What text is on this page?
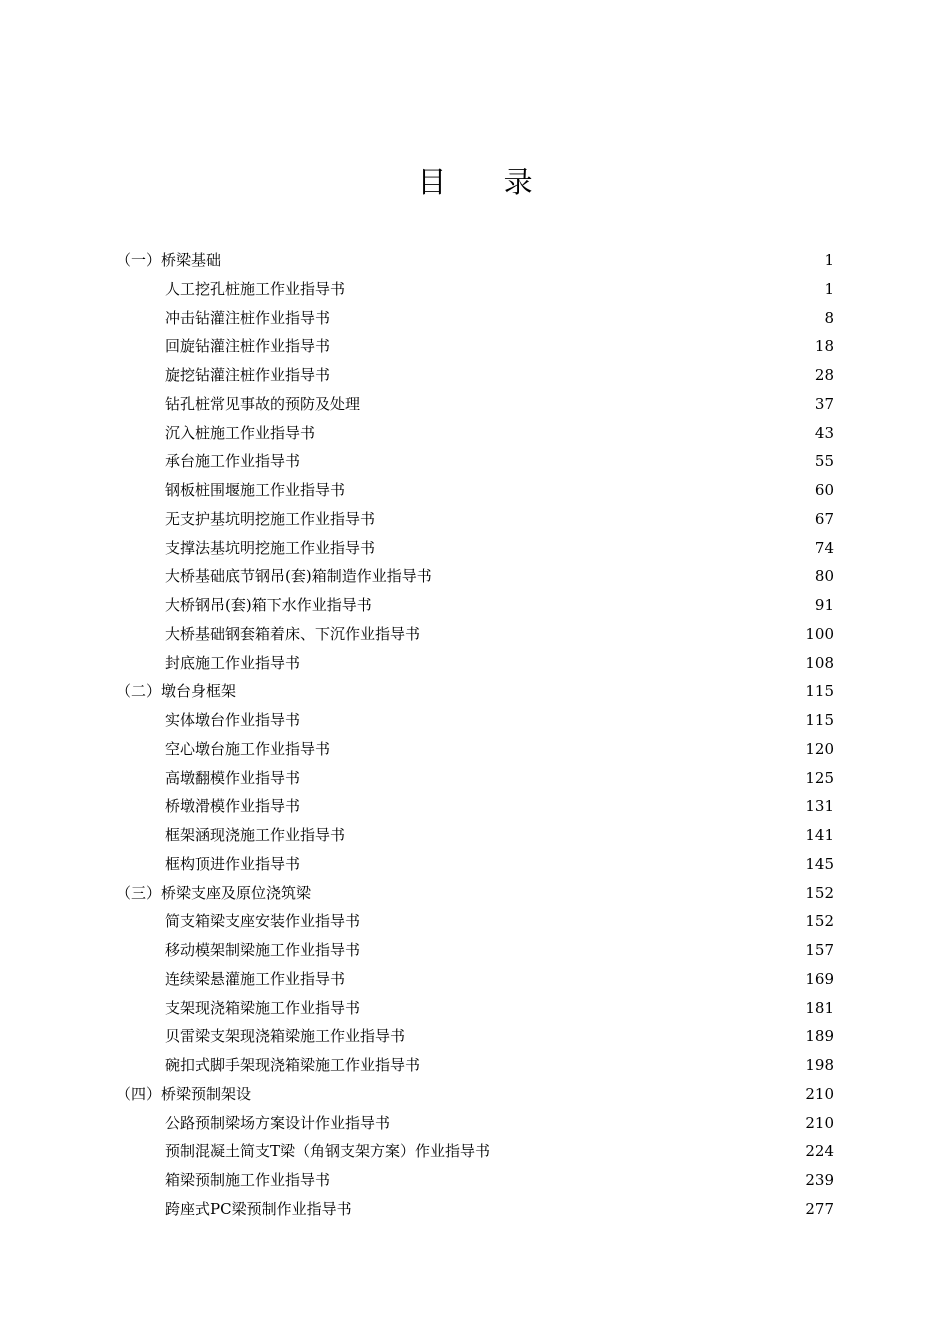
目 录
（一）桥梁基础	1
人工挖孔桩施工作业指导书	1
冲击钻灌注桩作业指导书	8
回旋钻灌注桩作业指导书	18
旋挖钻灌注桩作业指导书	28
钻孔桩常见事故的预防及处理	37
沉入桩施工作业指导书	43
承台施工作业指导书	55
钢板桩围堰施工作业指导书	60
无支护基坑明挖施工作业指导书	67
支撑法基坑明挖施工作业指导书	74
大桥基础底节钢吊(套)箱制造作业指导书	80
大桥钢吊(套)箱下水作业指导书	91
大桥基础钢套箱着床、下沉作业指导书	100
封底施工作业指导书	108
（二）墩台身框架	115
实体墩台作业指导书	115
空心墩台施工作业指导书	120
高墩翻模作业指导书	125
桥墩滑模作业指导书	131
框架涵现浇施工作业指导书	141
框构顶进作业指导书	145
（三）桥梁支座及原位浇筑梁	152
简支箱梁支座安装作业指导书	152
移动模架制梁施工作业指导书	157
连续梁悬灌施工作业指导书	169
支架现浇箱梁施工作业指导书	181
贝雷梁支架现浇箱梁施工作业指导书	189
碗扣式脚手架现浇箱梁施工作业指导书	198
（四）桥梁预制架设	210
公路预制梁场方案设计作业指导书	210
预制混凝土简支T梁（角钢支架方案）作业指导书	224
箱梁预制施工作业指导书	239
跨座式PC梁预制作业指导书	277
